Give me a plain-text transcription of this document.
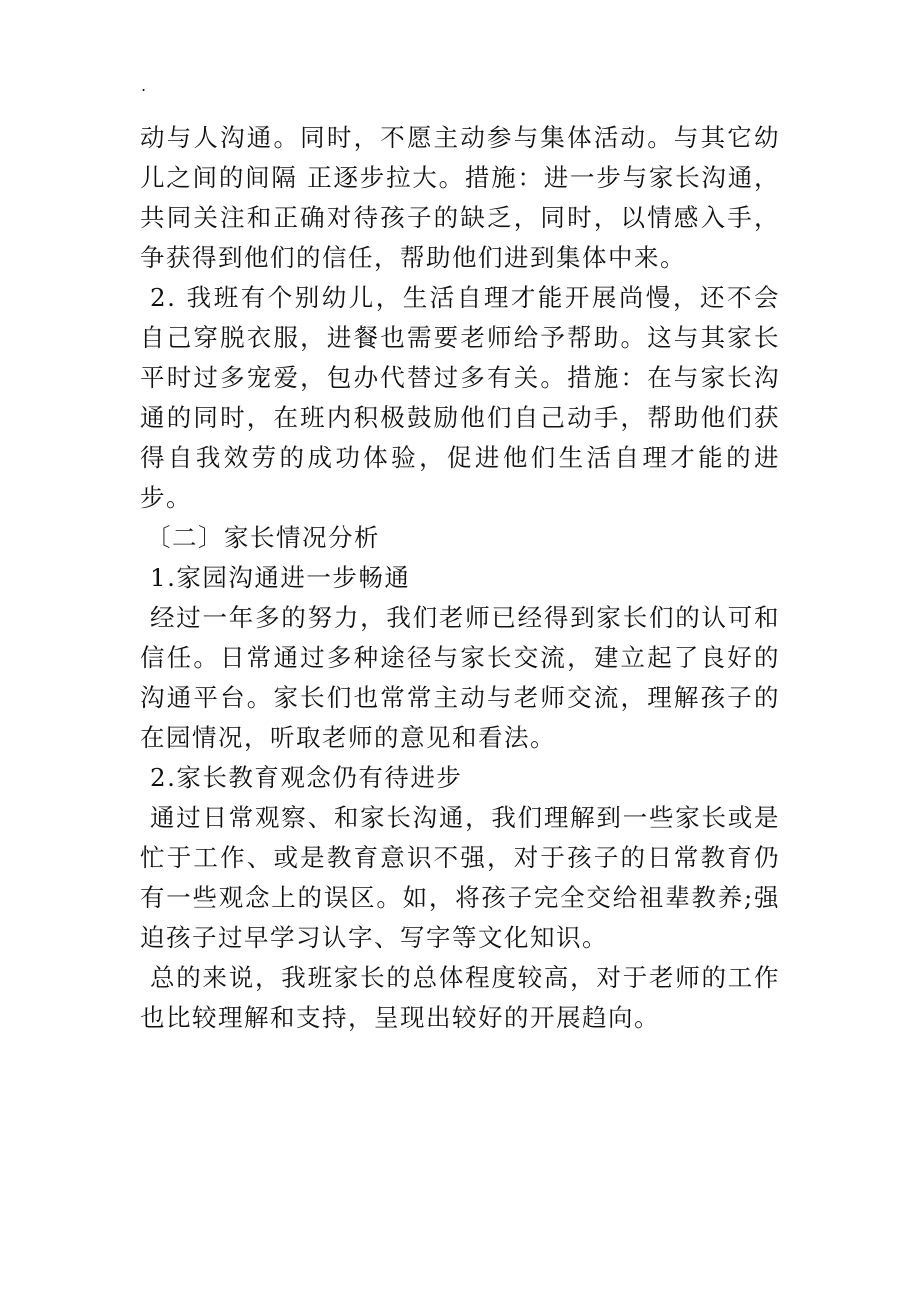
.

动与人沟通。同时，不愿主动参与集体活动。与其它幼儿之间的间隔 正逐步拉大。措施：进一步与家长沟通，共同关注和正确对待孩子的缺乏，同时，以情感入手，争获得到他们的信任，帮助他们进到集体中来。

2. 我班有个别幼儿，生活自理才能开展尚慢，还不会自己穿脱衣服，进餐也需要老师给予帮助。这与其家长平时过多宠爱，包办代替过多有关。措施：在与家长沟通的同时，在班内积极鼓励他们自己动手，帮助他们获得自我效劳的成功体验，促进他们生活自理才能的进步。

〔二〕家长情况分析

1.家园沟通进一步畅通

经过一年多的努力，我们老师已经得到家长们的认可和信任。日常通过多种途径与家长交流，建立起了良好的沟通平台。家长们也常常主动与老师交流，理解孩子的在园情况，听取老师的意见和看法。

2.家长教育观念仍有待进步

通过日常观察、和家长沟通，我们理解到一些家长或是忙于工作、或是教育意识不强，对于孩子的日常教育仍有一些观念上的误区。如，将孩子完全交给祖辈教养;强迫孩子过早学习认字、写字等文化知识。

总的来说，我班家长的总体程度较高，对于老师的工作也比较理解和支持，呈现出较好的开展趋向。
